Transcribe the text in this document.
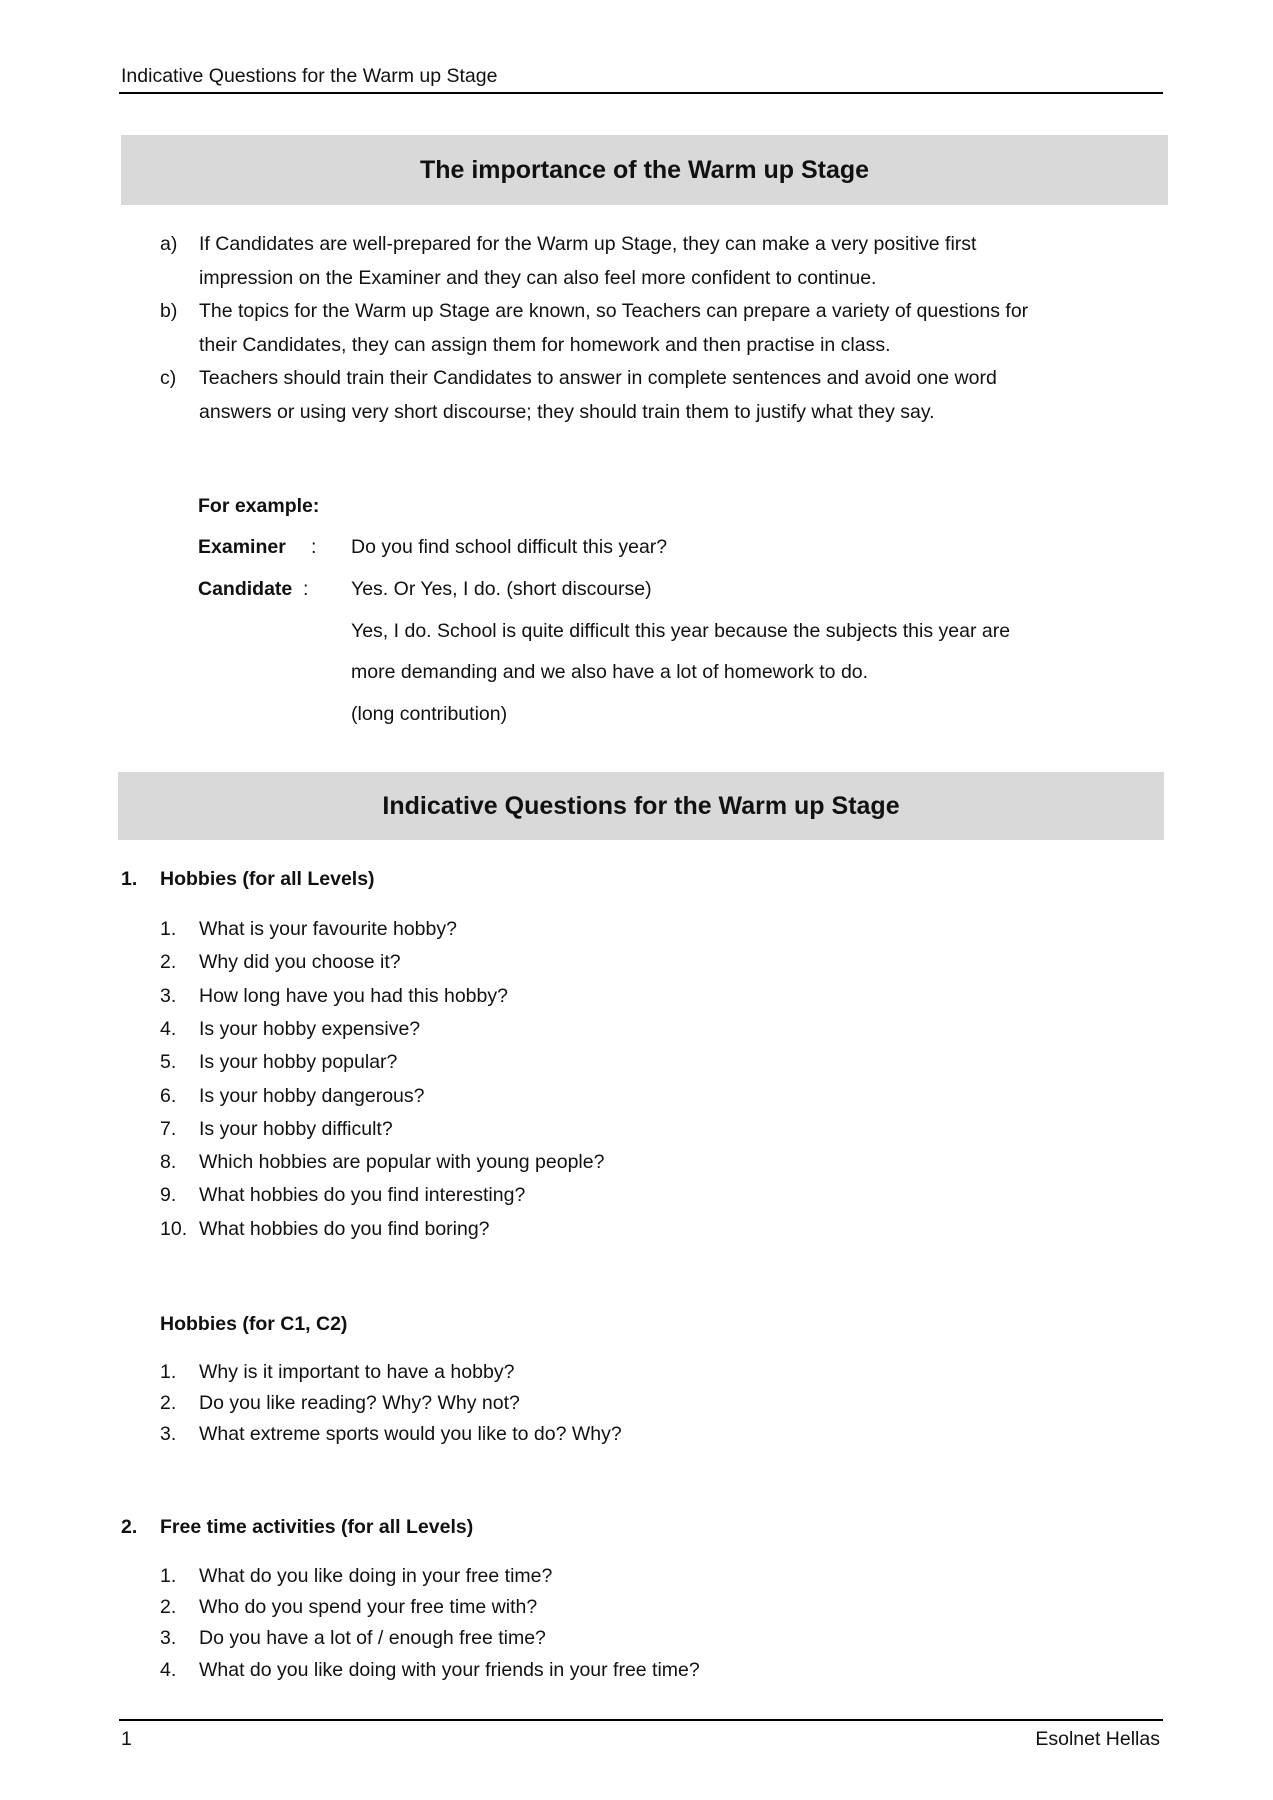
Indicative Questions for the Warm up Stage
The importance of the Warm up Stage
a) If Candidates are well-prepared for the Warm up Stage, they can make a very positive first
impression on the Examiner and they can also feel more confident to continue.
b) The topics for the Warm up Stage are known, so Teachers can prepare a variety of questions for
their Candidates, they can assign them for homework and then practise in class.
c) Teachers should train their Candidates to answer in complete sentences and avoid one word
answers or using very short discourse; they should train them to justify what they say.
For example:
Examiner : Do you find school difficult this year?
Candidate : Yes. Or Yes, I do. (short discourse)
Yes, I do. School is quite difficult this year because the subjects this year are
more demanding and we also have a lot of homework to do.
(long contribution)
Indicative Questions for the Warm up Stage
1. Hobbies (for all Levels)
1. What is your favourite hobby?
2. Why did you choose it?
3. How long have you had this hobby?
4. Is your hobby expensive?
5. Is your hobby popular?
6. Is your hobby dangerous?
7. Is your hobby difficult?
8. Which hobbies are popular with young people?
9. What hobbies do you find interesting?
10. What hobbies do you find boring?
Hobbies (for C1, C2)
1. Why is it important to have a hobby?
2. Do you like reading? Why? Why not?
3. What extreme sports would you like to do? Why?
2. Free time activities (for all Levels)
1. What do you like doing in your free time?
2. Who do you spend your free time with?
3. Do you have a lot of / enough free time?
4. What do you like doing with your friends in your free time?
1	Esolnet Hellas
